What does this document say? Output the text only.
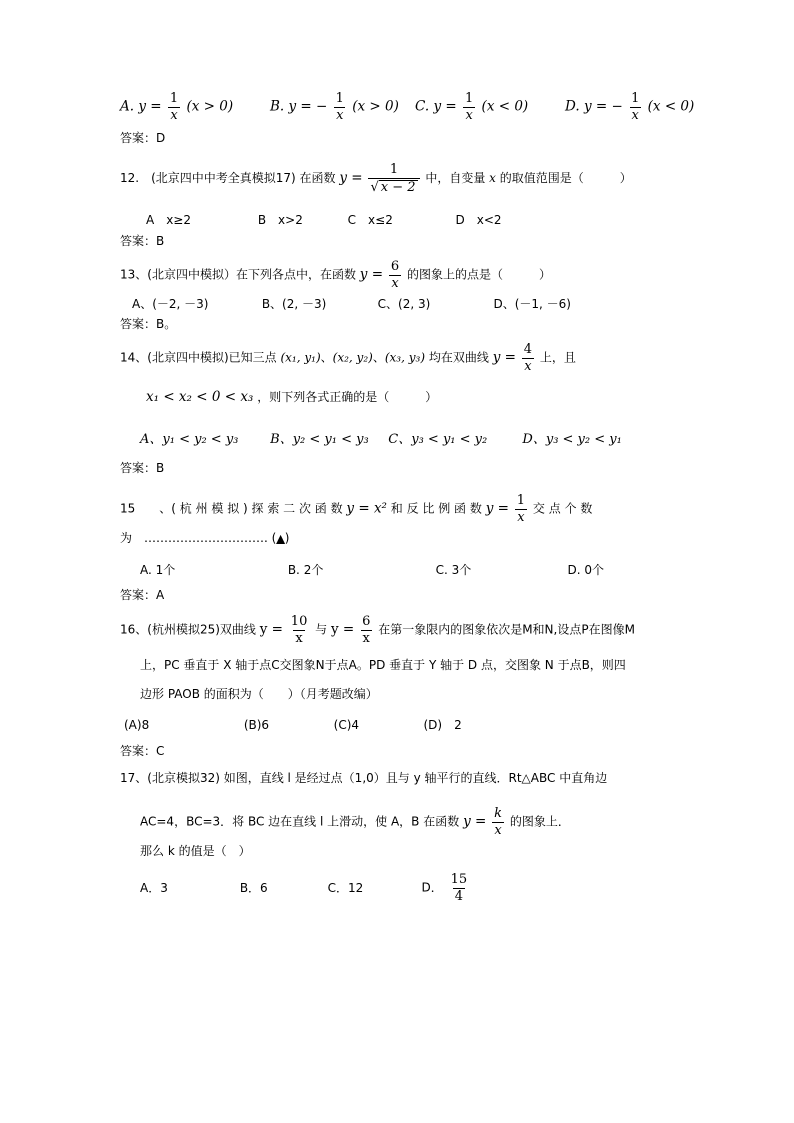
A. $y = \frac{1}{x} (x > 0)$	B. y = − $\frac{1}{x} (x > 0)$ C. $y = \frac{1}{x} (x < 0)$	D. y = − $\frac{1}{x} (x < 0)$
答案：D
12.　(北京四中中考全真模拟17) 在函数 $y = \frac{1}{√ x - 2}$ 中，自变量 x 的取值范围是（　　　）
A　x≥2	B　x>2	C　x≤2	D　x<2
答案：B
13、(北京四中模拟）在下列各点中，在函数 $y = \frac{6}{x}$ 的图象上的点是（　　　）
A、(－2, －3)	B、(2, －3)	C、(2, 3)	D、(－1, －6)
答案：B。
14、(北京四中模拟)已知三点 (x₁, y₁)、(x₂, y₂)、(x₃, y₃) 均在双曲线 $y = \frac{4}{x}$ 上，且
x₁ < x₂ < 0 < x₃ ，则下列各式正确的是（　　　）
A、y₁ < y₂ < y₃ B、y₂ < y₁ < y₃ C、y₃ < y₁ < y₂	D、y₃ < y₂ < y₁
答案：B
15　　、( 杭 州 模 拟 ) 探 索 二 次 函 数 y = x² 和 反 比 例 函 数 $y = \frac{1}{x}$ 交 点 个 数
为　…………………………. (▲)
A. 1个	B. 2个	C. 3个	D. 0个
答案：A
16、(杭州模拟25)双曲线 $y = \frac{10}{x}$ 与 $y = \frac{6}{x}$ 在第一象限内的图象依次是M和N,设点P在图像M
上，PC 垂直于 X 轴于点C交图象N于点A。PD 垂直于 Y 轴于 D 点，交图象 N 于点B，则四
边形 PAOB 的面积为（　　）（月考题改编）
(A)8	(B)6	(C)4	(D)　2
答案：C
17、(北京模拟32) 如图，直线 l 是经过点（1,0）且与 y 轴平行的直线．Rt△ABC 中直角边
AC=4，BC=3．将 BC 边在直线 l 上滑动，使 A，B 在函数 $y = \frac{k}{x}$ 的图象上．
那么 k 的值是（　）
A．3	B．6	C．12	D． $\frac{15}{4}$
